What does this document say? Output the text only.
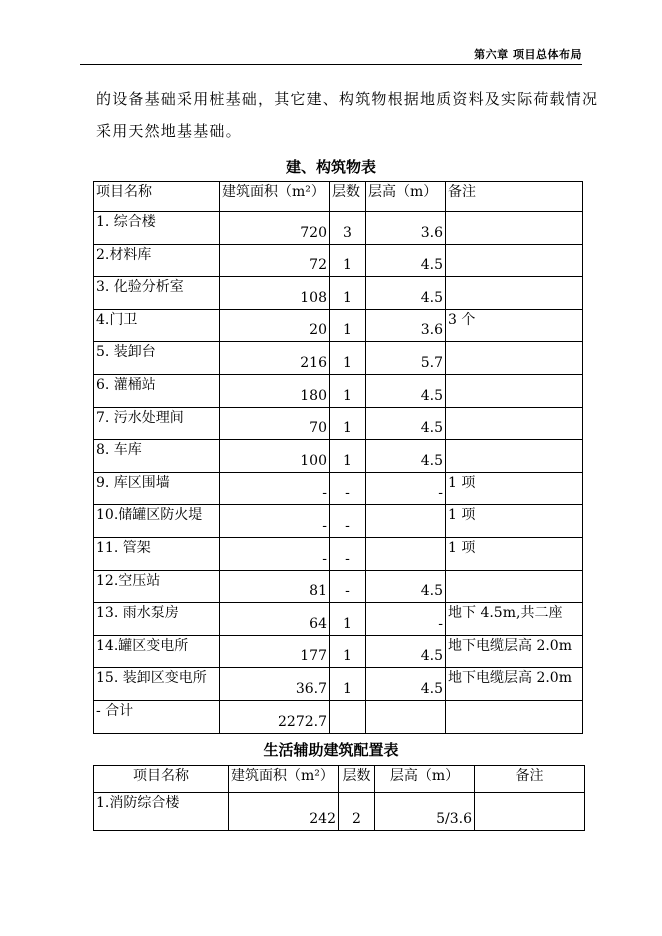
第六章 项目总体布局
的设备基础采用桩基础，其它建、构筑物根据地质资料及实际荷载情况
采用天然地基基础。
建、构筑物表
项目名称	建筑面积（m²）	层数	层高（m）	备注
1. 综合楼	720	3	3.6	
2.材料库	72	1	4.5	
3. 化验分析室	108	1	4.5	
4.门卫	20	1	3.6	3 个
5. 装卸台	216	1	5.7	
6. 灌桶站	180	1	4.5	
7. 污水处理间	70	1	4.5	
8. 车库	100	1	4.5	
9. 库区围墙	-	-	-	1 项
10.储罐区防火堤	-	-		1 项
11. 管架	-	-		1 项
12.空压站	81	-	4.5	
13. 雨水泵房	64	1	-	地下 4.5m,共二座
14.罐区变电所	177	1	4.5	地下电缆层高 2.0m
15. 装卸区变电所	36.7	1	4.5	地下电缆层高 2.0m
- 合计	2272.7			
生活辅助建筑配置表
项目名称	建筑面积（m²）	层数	层高（m）	备注
1.消防综合楼	242	2	5/3.6	
